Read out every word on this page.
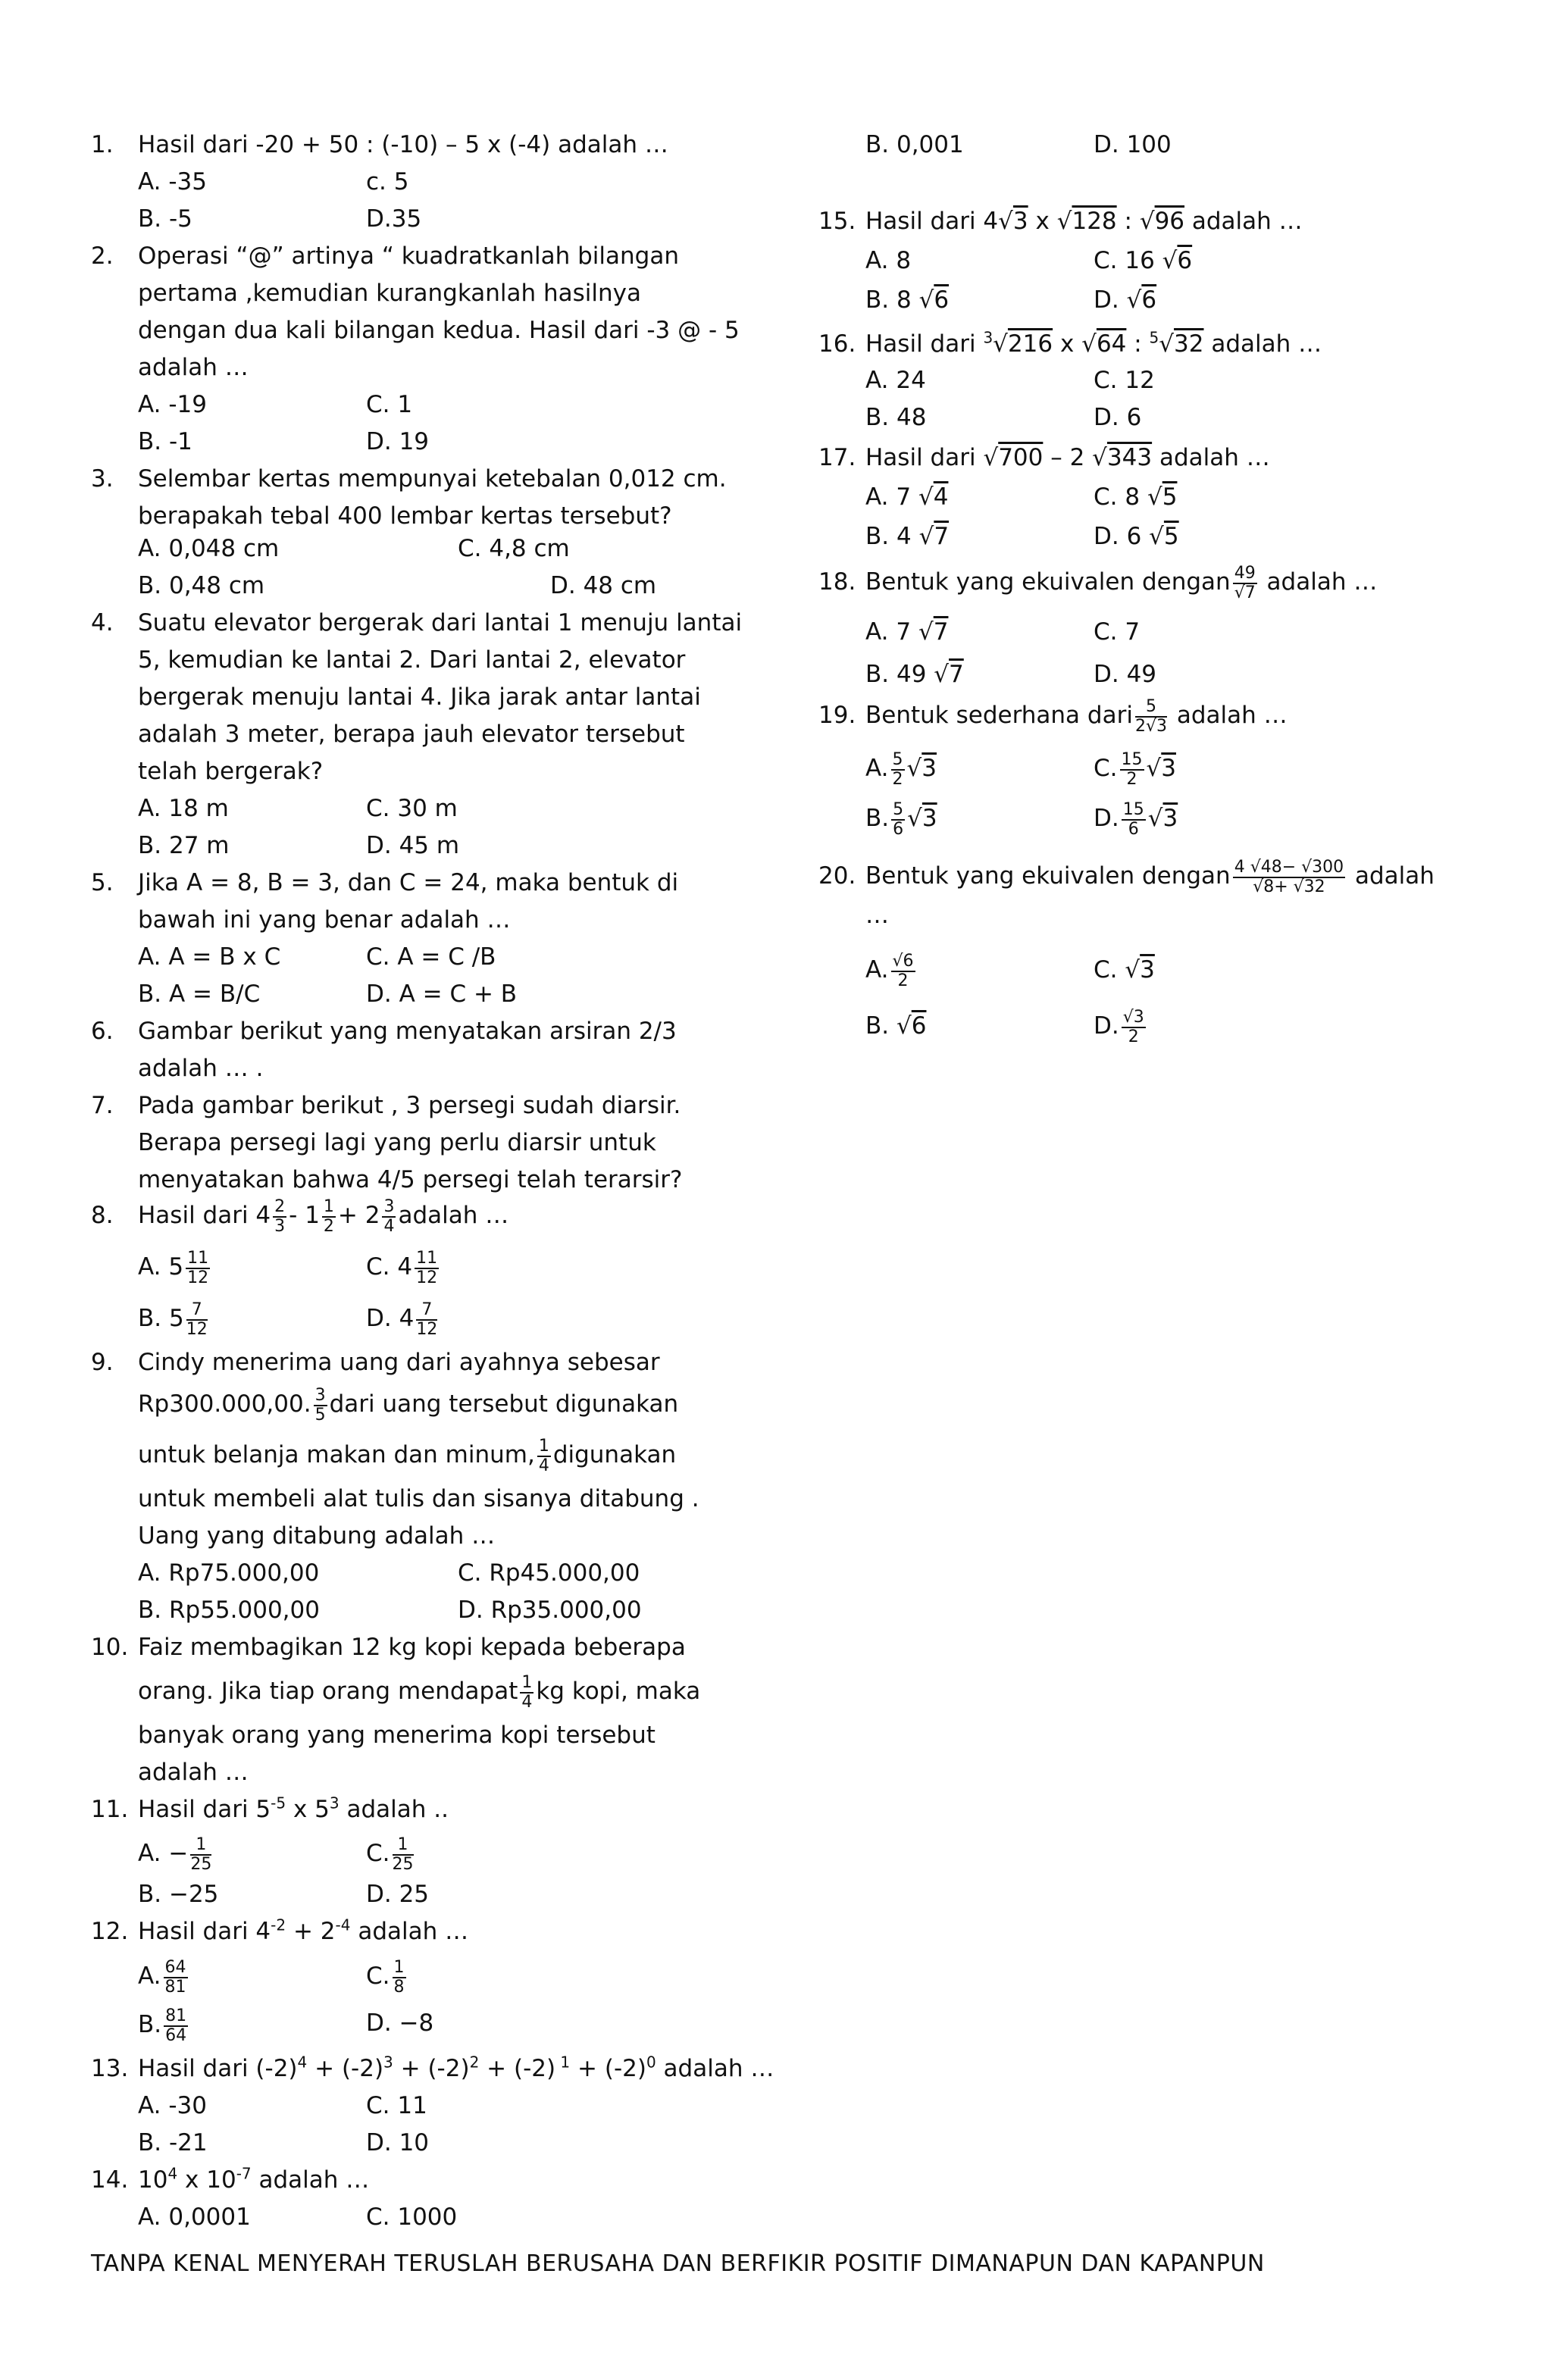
1. Hasil dari -20 + 50 : (-10) – 5 x (-4) adalah …
A. -35	c. 5
B. -5	D.35
2. Operasi “@” artinya “ kuadratkanlah bilangan
pertama ,kemudian kurangkanlah hasilnya
dengan dua kali bilangan kedua. Hasil dari -3 @ - 5
adalah …
A. -19	C. 1
B. -1	D. 19
3. Selembar kertas mempunyai ketebalan 0,012 cm.
berapakah tebal 400 lembar kertas tersebut?
A. 0,048 cm	C. 4,8 cm
B. 0,48 cm	D. 48 cm
4. Suatu elevator bergerak dari lantai 1 menuju lantai
5, kemudian ke lantai 2. Dari lantai 2, elevator
bergerak menuju lantai 4. Jika jarak antar lantai
adalah 3 meter, berapa jauh elevator tersebut
telah bergerak?
A. 18 m	C. 30 m
B. 27 m	D. 45 m
5. Jika A = 8, B = 3, dan C = 24, maka bentuk di
bawah ini yang benar adalah …
A. A = B x C	C. A = C /B
B. A = B/C	D. A = C + B
6. Gambar berikut yang menyatakan arsiran 2/3
adalah … .
7. Pada gambar berikut , 3 persegi sudah diarsir.
Berapa persegi lagi yang perlu diarsir untuk
menyatakan bahwa 4/5 persegi telah terarsir?
8. Hasil dari $4 \frac{2}{3} - 1 \frac{1}{2} + 2 \frac{3}{4}$ adalah …
A. $5 \frac{11}{12}$	C. $4 \frac{11}{12}$
B. $5 \frac{7}{12}$	D. $4 \frac{7}{12}$
9. Cindy menerima uang dari ayahnya sebesar
Rp300.000,00. $\frac{3}{5}$ dari uang tersebut digunakan
untuk belanja makan dan minum, $\frac{1}{4}$ digunakan
untuk membeli alat tulis dan sisanya ditabung .
Uang yang ditabung adalah …
A. Rp75.000,00	C. Rp45.000,00
B. Rp55.000,00	D. Rp35.000,00
10. Faiz membagikan 12 kg kopi kepada beberapa
orang. Jika tiap orang mendapat $\frac{1}{4}$ kg kopi, maka
banyak orang yang menerima kopi tersebut
adalah …
11. Hasil dari $5^{-5}$ x $5^3$ adalah ..
A. − $\frac{1}{25}$	C. $\frac{1}{25}$
B. −25	D. 25
12. Hasil dari $4^{-2} + 2^{-4}$ adalah …
A. $\frac{64}{81}$	C. $\frac{1}{8}$
B. $\frac{81}{64}$	D. −8
13. Hasil dari $(-2)^4 + (-2)^3 + (-2)^2 + (-2) ^1 + (-2)^0$ adalah …
A. -30	C. 11
B. -21	D. 10
14. $10^4$ x $10^{-7}$ adalah …
A. 0,0001	C. 1000
B. 0,001	D. 100
15. Hasil dari 4√3 x √128 : √96 adalah …
A. 8	C. 16 √6
B. 8 √6	D. √6
16. Hasil dari $^3$√216 x √64 : $^5$√32 adalah …
A. 24	C. 12
B. 48	D. 6
17. Hasil dari √700 – 2 √343 adalah …
A. 7 √4	C. 8 √5
B. 4 √7	D. 6 √5
18. Bentuk yang ekuivalen dengan $\frac{49}{√7}$ adalah …
A. 7 √7	C. 7
B. 49 √7	D. 49
19. Bentuk sederhana dari $\frac{5}{2√3}$ adalah …
A. $\frac{5}{2} √3$	C. $\frac{15}{2} √3$
B. $\frac{5}{6} √3$	D. $\frac{15}{6} √3$
20. Bentuk yang ekuivalen dengan $\frac{4 √48- √300}{√8+ √32}$ adalah
…
A. $\frac{√6}{2}$	C. √3
B. √6	D. $\frac{√3}{2}$
TANPA KENAL MENYERAH TERUSLAH BERUSAHA DAN BERFIKIR POSITIF DIMANAPUN DAN KAPANPUN
